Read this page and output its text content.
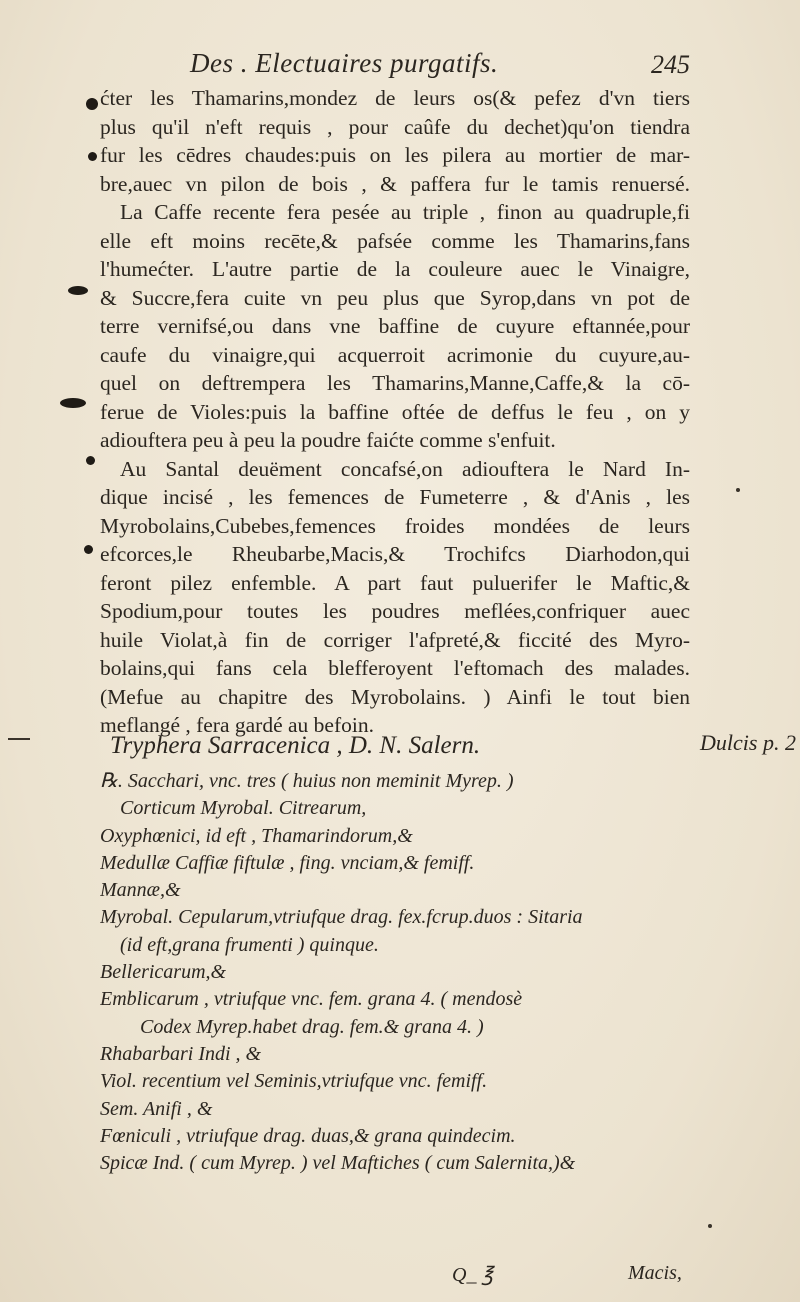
Des . Electuaires purgatifs.	245
ćter les Thamarins,mondez de leurs os(& pefez d'vn tiers
plus qu'il n'eft requis , pour caûfe du dechet)qu'on tiendra
fur les cēdres chaudes:puis on les pilera au mortier de mar-
bre,auec vn pilon de bois , & paffera fur le tamis renuersé.
La Caffe recente fera pesée au triple , finon au quadruple,fi
elle eft moins recēte,& pafsée comme les Thamarins,fans
l'humećter. L'autre partie de la couleure auec le Vinaigre,
& Succre,fera cuite vn peu plus que Syrop,dans vn pot de
terre vernifsé,ou dans vne baffine de cuyure eftannée,pour
caufe du vinaigre,qui acquerroit acrimonie du cuyure,au-
quel on deftrempera les Thamarins,Manne,Caffe,& la cō-
ferue de Violes:puis la baffine oftée de deffus le feu , on y
adiouftera peu à peu la poudre faićte comme s'enfuit.
Au Santal deuëment concafsé,on adiouftera le Nard In-
dique incisé , les femences de Fumeterre , & d'Anis , les
Myrobolains,Cubebes,femences froides mondées de leurs
efcorces,le Rheubarbe,Macis,& Trochifcs Diarhodon,qui
feront pilez enfemble. A part faut puluerifer le Maftic,&
Spodium,pour toutes les poudres meflées,confriquer auec
huile Violat,à fin de corriger l'afpreté,& ficcité des Myro-
bolains,qui fans cela blefferoyent l'eftomach des malades.
(Mefue au chapitre des Myrobolains. ) Ainfi le tout bien
meflangé , fera gardé au befoin.
Tryphera Sarracenica , D. N. Salern.	Dulcis p. 2
℞. Sacchari, vnc. tres ( huius non meminit Myrep. )
Corticum Myrobal. Citrearum,
Oxyphœnici, id eft , Thamarindorum,&
Medullæ Caffiæ fiftulæ , fing. vnciam,& femiff.
Mannæ,&
Myrobal. Cepularum,vtriufque drag. fex.fcrup.duos : Sitaria
(id eft,grana frumenti ) quinque.
Bellericarum,&
Emblicarum , vtriufque vnc. fem. grana 4. ( mendosè
Codex Myrep.habet drag. fem.& grana 4. )
Rhabarbari Indi , &
Viol. recentium vel Seminis,vtriufque vnc. femiff.
Sem. Anifi , &
Fœniculi , vtriufque drag. duas,& grana quindecim.
Spicæ Ind. ( cum Myrep. ) vel Maftiches ( cum Salernita,)&
Q_ ℥	Macis,
